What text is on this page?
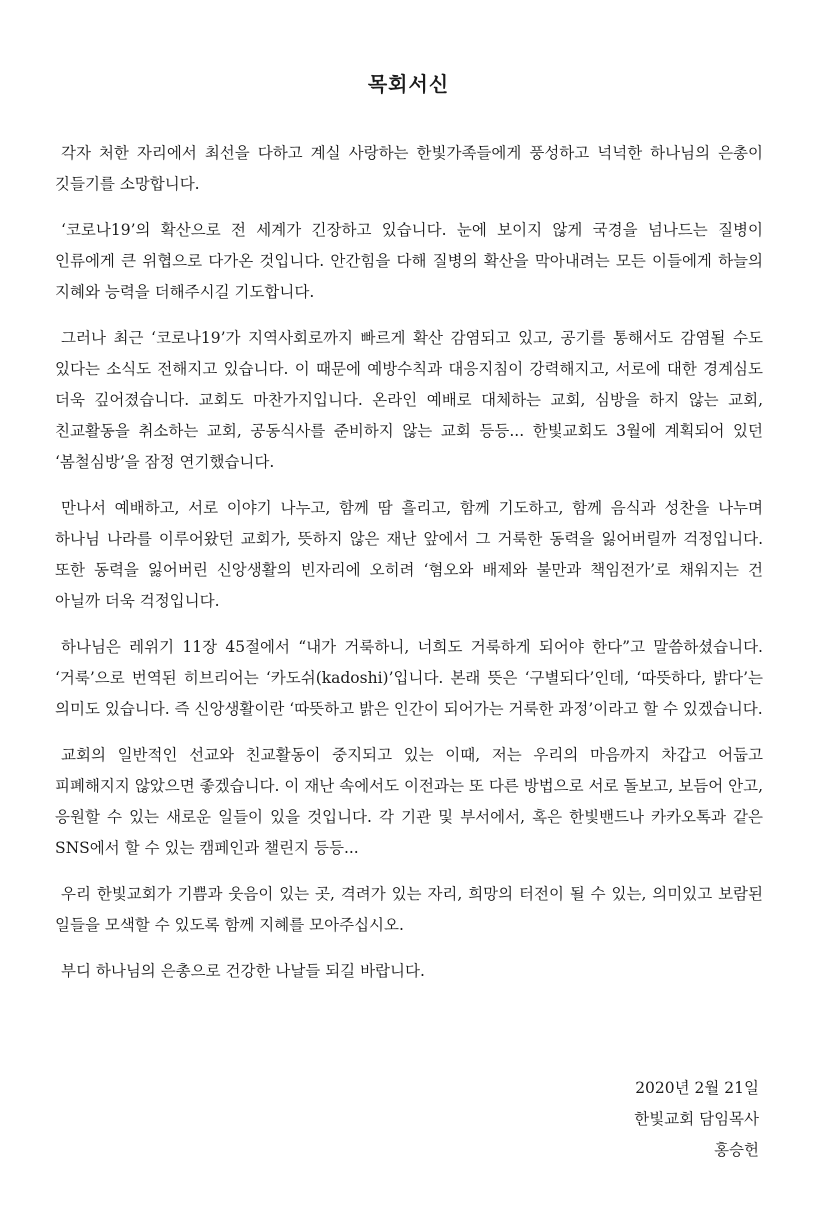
목회서신

각자 처한 자리에서 최선을 다하고 계실 사랑하는 한빛가족들에게 풍성하고 넉넉한 하나님의 은총이 깃들기를 소망합니다.

‘코로나19’의 확산으로 전 세계가 긴장하고 있습니다. 눈에 보이지 않게 국경을 넘나드는 질병이 인류에게 큰 위협으로 다가온 것입니다. 안간힘을 다해 질병의 확산을 막아내려는 모든 이들에게 하늘의 지혜와 능력을 더해주시길 기도합니다.

그러나 최근 ‘코로나19’가 지역사회로까지 빠르게 확산 감염되고 있고, 공기를 통해서도 감염될 수도 있다는 소식도 전해지고 있습니다. 이 때문에 예방수칙과 대응지침이 강력해지고, 서로에 대한 경계심도 더욱 깊어졌습니다. 교회도 마찬가지입니다. 온라인 예배로 대체하는 교회, 심방을 하지 않는 교회, 친교활동을 취소하는 교회, 공동식사를 준비하지 않는 교회 등등... 한빛교회도 3월에 계획되어 있던 ‘봄철심방’을 잠정 연기했습니다.

만나서 예배하고, 서로 이야기 나누고, 함께 땀 흘리고, 함께 기도하고, 함께 음식과 성찬을 나누며 하나님 나라를 이루어왔던 교회가, 뜻하지 않은 재난 앞에서 그 거룩한 동력을 잃어버릴까 걱정입니다. 또한 동력을 잃어버린 신앙생활의 빈자리에 오히려 ‘혐오와 배제와 불만과 책임전가’로 채워지는 건 아닐까 더욱 걱정입니다.

하나님은 레위기 11장 45절에서 “내가 거룩하니, 너희도 거룩하게 되어야 한다”고 말씀하셨습니다. ‘거룩’으로 번역된 히브리어는 ‘카도쉬(kadoshi)’입니다. 본래 뜻은 ‘구별되다’인데, ‘따뜻하다, 밝다’는 의미도 있습니다. 즉 신앙생활이란 ‘따뜻하고 밝은 인간이 되어가는 거룩한 과정’이라고 할 수 있겠습니다.

교회의 일반적인 선교와 친교활동이 중지되고 있는 이때, 저는 우리의 마음까지 차갑고 어둡고 피폐해지지 않았으면 좋겠습니다. 이 재난 속에서도 이전과는 또 다른 방법으로 서로 돌보고, 보듬어 안고, 응원할 수 있는 새로운 일들이 있을 것입니다. 각 기관 및 부서에서, 혹은 한빛밴드나 카카오톡과 같은 SNS에서 할 수 있는 캠페인과 챌린지 등등...

우리 한빛교회가 기쁨과 웃음이 있는 곳, 격려가 있는 자리, 희망의 터전이 될 수 있는, 의미있고 보람된 일들을 모색할 수 있도록 함께 지혜를 모아주십시오.

부디 하나님의 은총으로 건강한 나날들 되길 바랍니다.

2020년 2월 21일
한빛교회 담임목사
홍승헌
